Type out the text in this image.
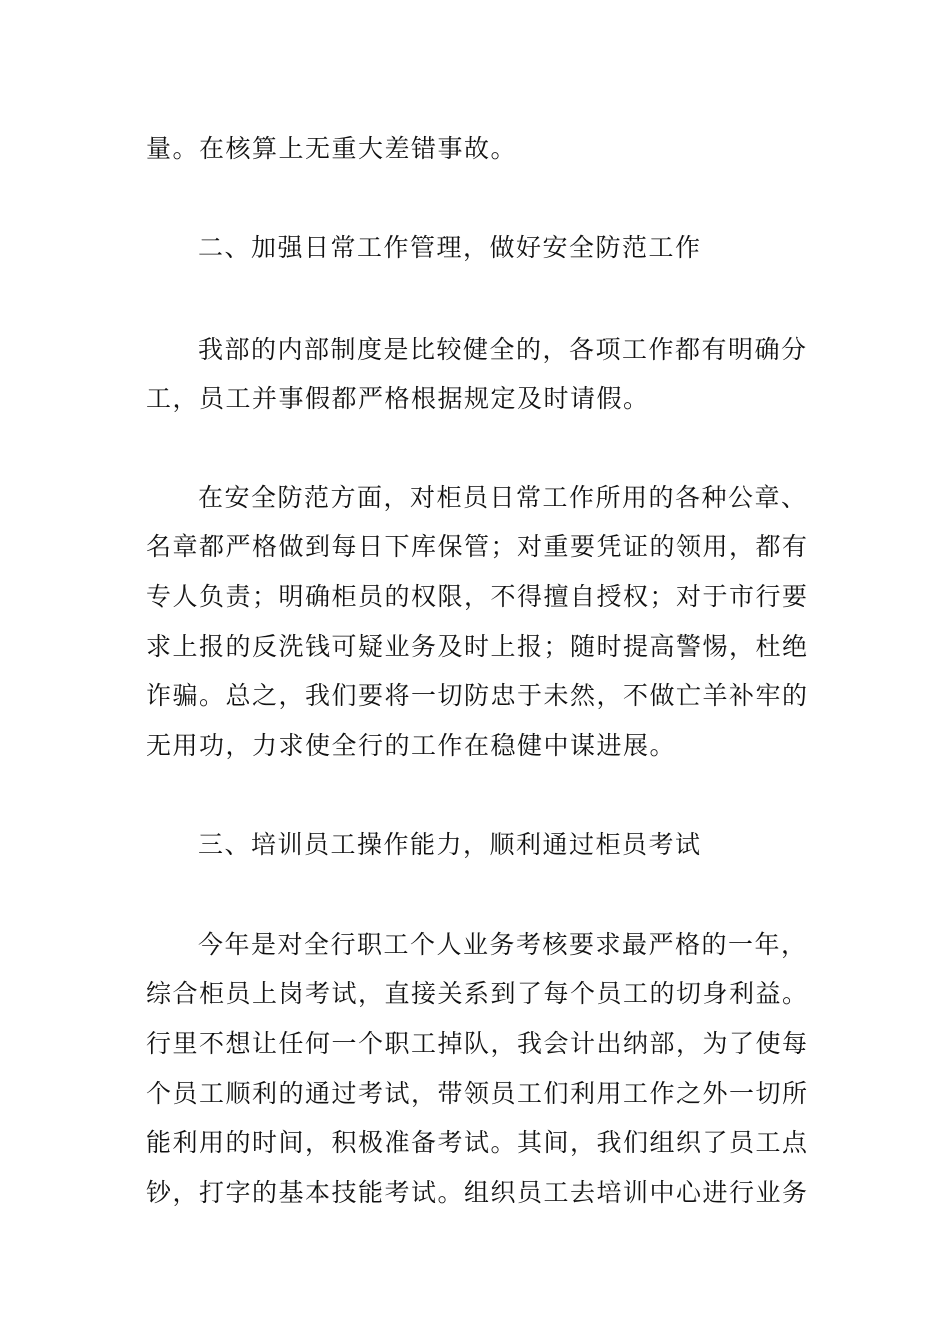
量。在核算上无重大差错事故。
二、加强日常工作管理，做好安全防范工作
我部的内部制度是比较健全的，各项工作都有明确分
工，员工并事假都严格根据规定及时请假。
在安全防范方面，对柜员日常工作所用的各种公章、
名章都严格做到每日下库保管；对重要凭证的领用，都有
专人负责；明确柜员的权限，不得擅自授权；对于市行要
求上报的反洗钱可疑业务及时上报；随时提高警惕，杜绝
诈骗。总之，我们要将一切防忠于未然，不做亡羊补牢的
无用功，力求使全行的工作在稳健中谋进展。
三、培训员工操作能力，顺利通过柜员考试
今年是对全行职工个人业务考核要求最严格的一年，
综合柜员上岗考试，直接关系到了每个员工的切身利益。
行里不想让任何一个职工掉队，我会计出纳部，为了使每
个员工顺利的通过考试，带领员工们利用工作之外一切所
能利用的时间，积极准备考试。其间，我们组织了员工点
钞，打字的基本技能考试。组织员工去培训中心进行业务
